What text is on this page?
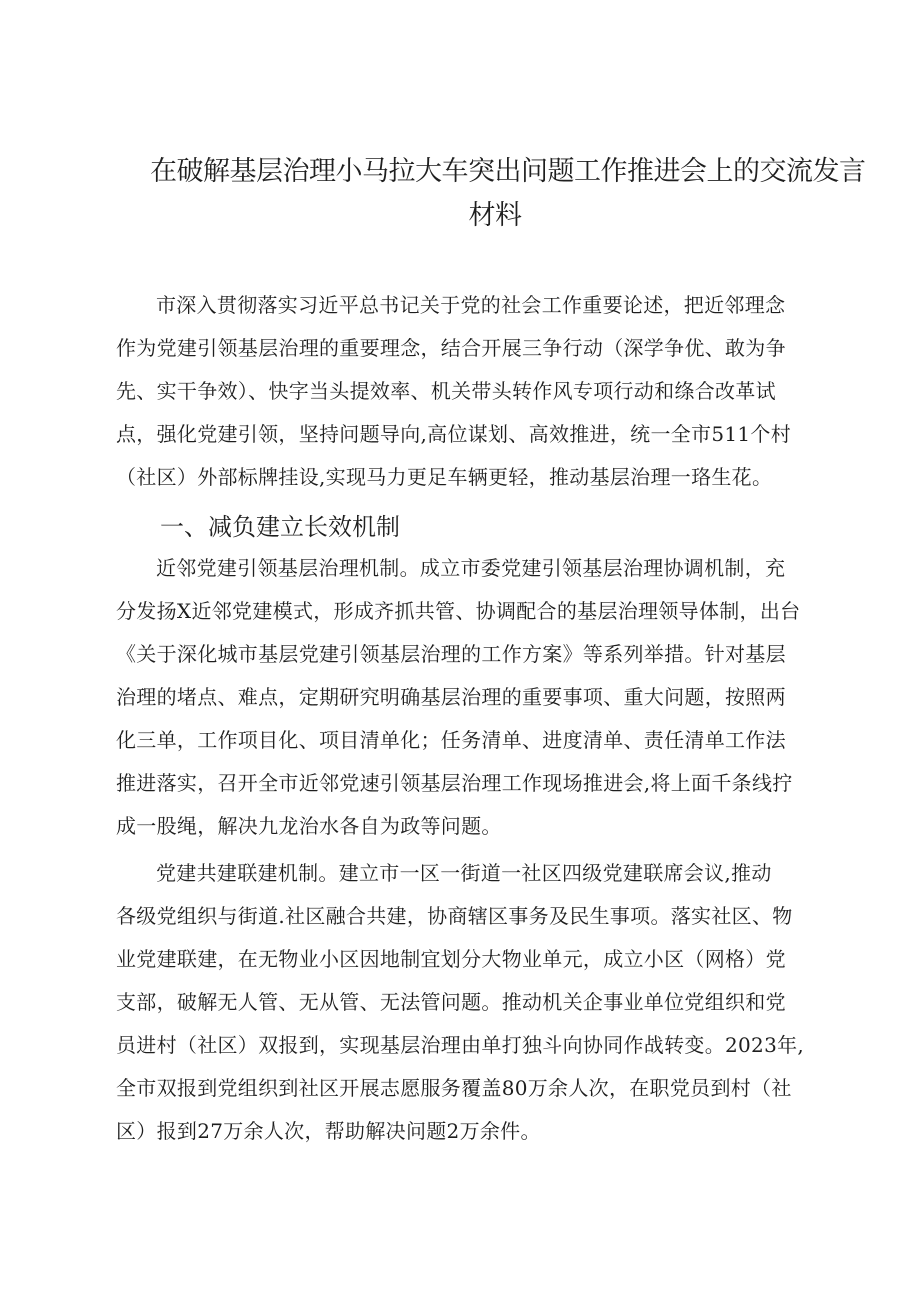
在破解基层治理小马拉大车突出问题工作推进会上的交流发言
材料
市深入贯彻落实习近平总书记关于党的社会工作重要论述，把近邻理念
作为党建引领基层治理的重要理念，结合开展三争行动（深学争优、敢为争
先、实干争效）、快字当头提效率、机关带头转作风专项行动和绦合改革试
点，强化党建引领，坚持问题导向,高位谋划、高效推进，统一全市511个村
（社区）外部标牌挂设,实现马力更足车辆更轻，推动基层治理一珞生花。
一、减负建立长效机制
近邻党建引领基层治理机制。成立市委党建引领基层治理协调机制，充
分发扬X近邻党建模式，形成齐抓共管、协调配合的基层治理领导体制，出台
《关于深化城市基层党建引领基层治理的工作方案》等系列举措。针对基层
治理的堵点、难点，定期研究明确基层治理的重要事项、重大问题，按照两
化三单，工作项目化、项目清单化；任务清单、进度清单、责任清单工作法
推进落实，召开全市近邻党速引领基层治理工作现场推进会,将上面千条线拧
成一股绳，解决九龙治水各自为政等问题。
党建共建联建机制。建立市一区一街道一社区四级党建联席会议,推动
各级党组织与街道.社区融合共建，协商辖区事务及民生事项。落实社区、物
业党建联建，在无物业小区因地制宜划分大物业单元，成立小区（网格）党
支部，破解无人管、无从管、无法管问题。推动机关企事业单位党组织和党
员进村（社区）双报到，实现基层治理由单打独斗向协同作战转变。2023年,
全市双报到党组织到社区开展志愿服务覆盖80万余人次，在职党员到村（社
区）报到27万余人次，帮助解决问题2万余件。
